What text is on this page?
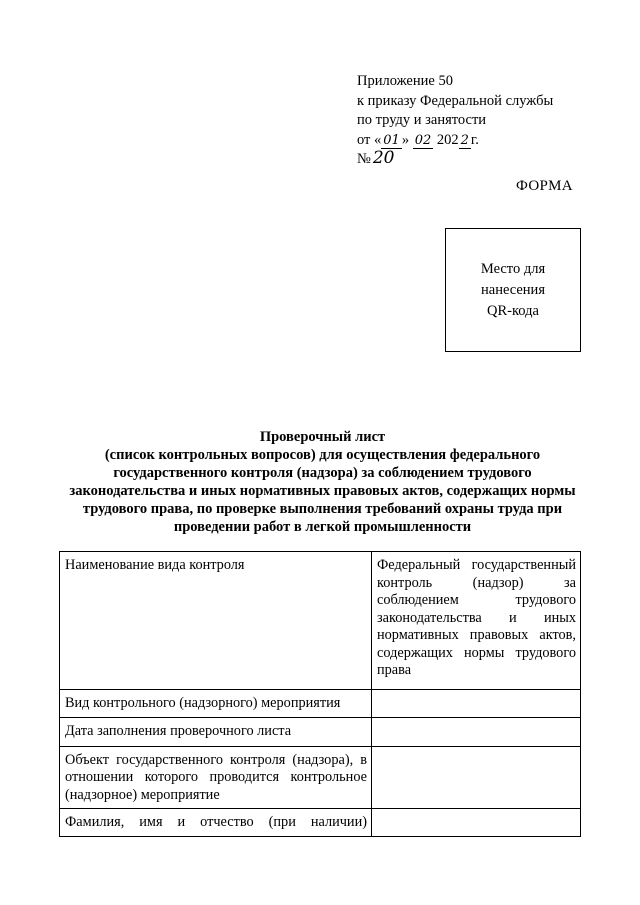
Приложение 50
к приказу Федеральной службы
по труду и занятости
от « 01 » 02 202 2 г.
№ 20
ФОРМА
Место для
нанесения
QR-кода
Проверочный лист
(список контрольных вопросов) для осуществления федерального
государственного контроля (надзора) за соблюдением трудового
законодательства и иных нормативных правовых актов, содержащих нормы
трудового права, по проверке выполнения требований охраны труда при
проведении работ в легкой промышленности
Наименование вида контроля	Федеральный государственный контроль (надзор) за соблюдением трудового законодательства и иных нормативных правовых актов, содержащих нормы трудового права
Вид контрольного (надзорного) мероприятия	
Дата заполнения проверочного листа	
Объект государственного контроля (надзора), в отношении которого проводится контрольное (надзорное) мероприятие	
Фамилия, имя и отчество (при наличии)	
